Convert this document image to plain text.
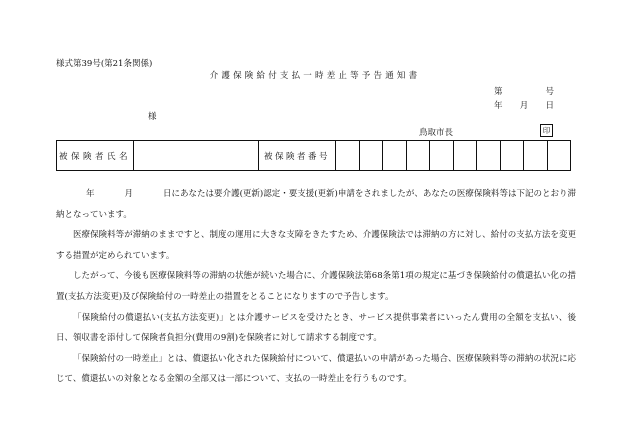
様式第39号(第21条関係)
介護保険給付支払一時差止等予告通知書
第	号
年 月 日
様
鳥取市長	印
被保険者氏名		被保険者番号										

年	月	日にあなたは要介護(更新)認定・要支援(更新)申請をされましたが、あなたの医療保険料等は下記のとおり滞納となっています。

医療保険料等が滞納のままですと、制度の運用に大きな支障をきたすため、介護保険法では滞納の方に対し、給付の支払方法を変更する措置が定められています。

したがって、今後も医療保険料等の滞納の状態が続いた場合に、介護保険法第68条第1項の規定に基づき保険給付の償還払い化の措置(支払方法変更)及び保険給付の一時差止の措置をとることになりますので予告します。

「保険給付の償還払い(支払方法変更)」とは介護サービスを受けたとき、サービス提供事業者にいったん費用の全額を支払い、後日、領収書を添付して保険者負担分(費用の9割)を保険者に対して請求する制度です。

「保険給付の一時差止」とは、償還払い化された保険給付について、償還払いの申請があった場合、医療保険料等の滞納の状況に応じて、償還払いの対象となる金額の全部又は一部について、支払の一時差止を行うものです。
